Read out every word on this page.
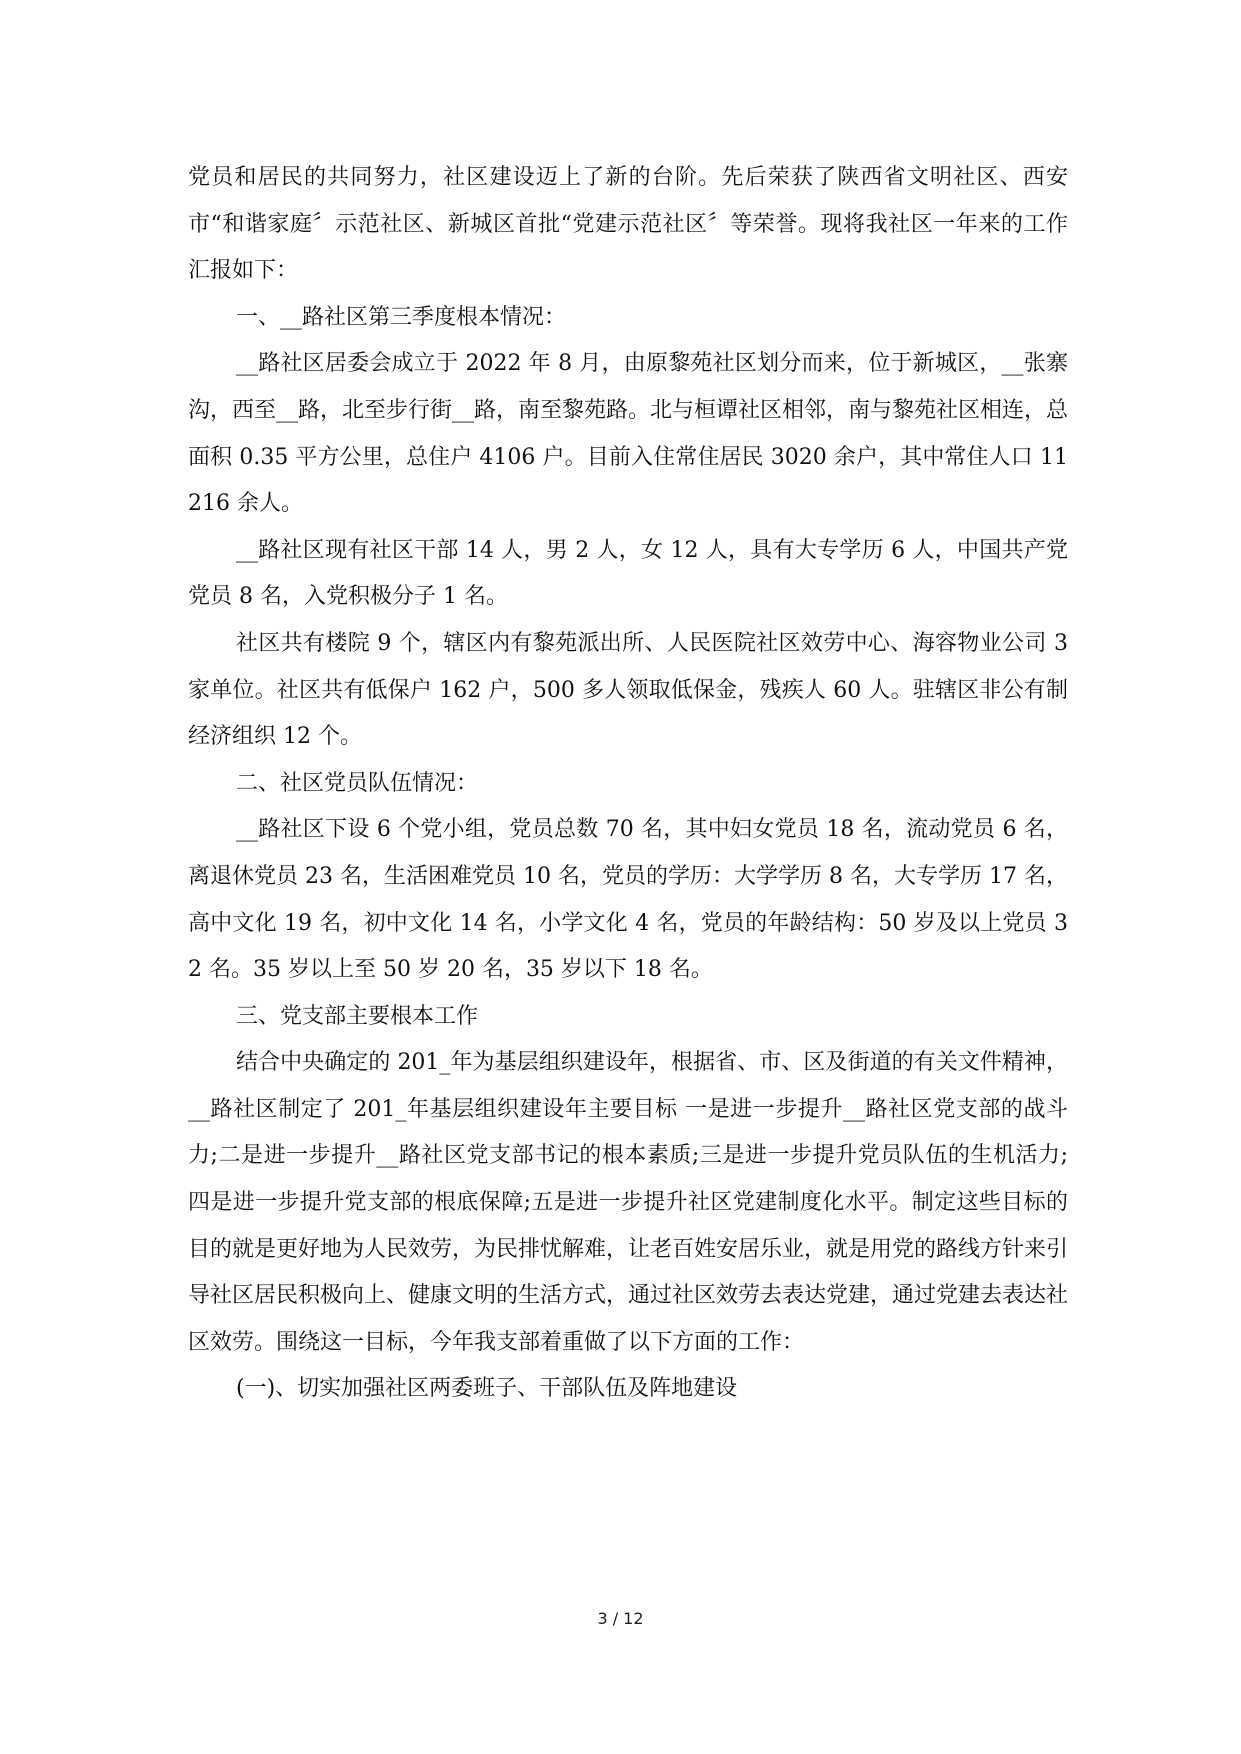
党员和居民的共同努力，社区建设迈上了新的台阶。先后荣获了陕西省文明社区、西安市“和谐家庭〞示范社区、新城区首批“党建示范社区〞等荣誉。现将我社区一年来的工作汇报如下：

一、__路社区第三季度根本情况：

__路社区居委会成立于 2022 年 8 月，由原黎苑社区划分而来，位于新城区，__张寨沟，西至__路，北至步行街__路，南至黎苑路。北与桓谭社区相邻，南与黎苑社区相连，总面积 0.35 平方公里，总住户 4106 户。目前入住常住居民 3020 余户，其中常住人口 11216 余人。

__路社区现有社区干部 14 人，男 2 人，女 12 人，具有大专学历 6 人，中国共产党党员 8 名，入党积极分子 1 名。

社区共有楼院 9 个，辖区内有黎苑派出所、人民医院社区效劳中心、海容物业公司 3 家单位。社区共有低保户 162 户，500 多人领取低保金，残疾人 60 人。驻辖区非公有制经济组织 12 个。

二、社区党员队伍情况：

__路社区下设 6 个党小组，党员总数 70 名，其中妇女党员 18 名，流动党员 6 名，离退休党员 23 名，生活困难党员 10 名，党员的学历：大学学历 8 名，大专学历 17 名，高中文化 19 名，初中文化 14 名，小学文化 4 名，党员的年龄结构：50 岁及以上党员 32 名。35 岁以上至 50 岁 20 名，35 岁以下 18 名。

三、党支部主要根本工作

结合中央确定的 201_年为基层组织建设年，根据省、市、区及街道的有关文件精神，__路社区制定了 201_年基层组织建设年主要目标 一是进一步提升__路社区党支部的战斗力;二是进一步提升__路社区党支部书记的根本素质;三是进一步提升党员队伍的生机活力;四是进一步提升党支部的根底保障;五是进一步提升社区党建制度化水平。制定这些目标的目的就是更好地为人民效劳，为民排忧解难，让老百姓安居乐业，就是用党的路线方针来引导社区居民积极向上、健康文明的生活方式，通过社区效劳去表达党建，通过党建去表达社区效劳。围绕这一目标，今年我支部着重做了以下方面的工作：

(一)、切实加强社区两委班子、干部队伍及阵地建设

3 / 12
